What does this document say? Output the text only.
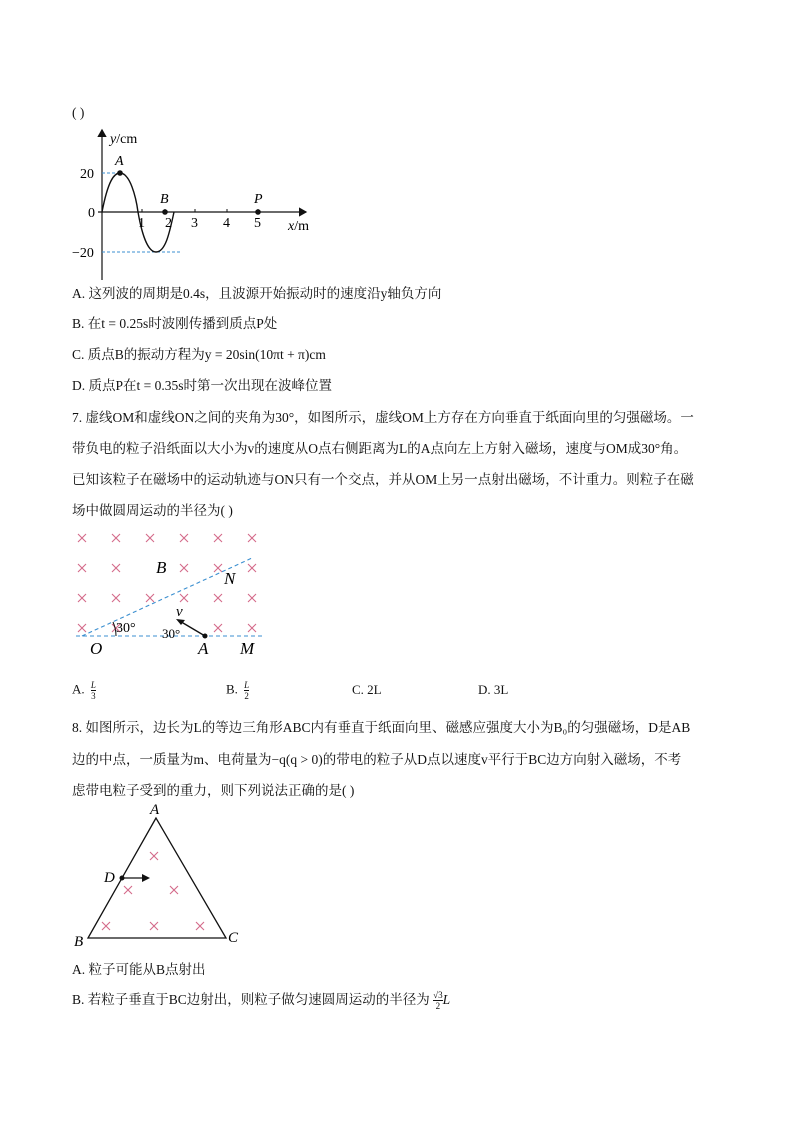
( )
y/cm
x/m
20
0
−20
1 2 3 4 5
A
B	P
A. 这列波的周期是0.4s，且波源开始振动时的速度沿y轴负方向
B. 在t = 0.25s时波刚传播到质点P处
C. 质点B的振动方程为y = 20sin(10πt + π)cm
D. 质点P在t = 0.35s时第一次出现在波峰位置
7. 虚线OM和虚线ON之间的夹角为30°，如图所示，虚线OM上方存在方向垂直于纸面向里的匀强磁场。一
带负电的粒子沿纸面以大小为v的速度从O点右侧距离为L的A点向左上方射入磁场，速度与OM成30°角。
已知该粒子在磁场中的运动轨迹与ON只有一个交点，并从OM上另一点射出磁场，不计重力。则粒子在磁
场中做圆周运动的半径为( )
B
N
O	A M
v
30° 30°
A. $\frac{L}{3}$	B. $\frac{L}{2}$	C. 2L	D. 3L
8. 如图所示，边长为L的等边三角形ABC内有垂直于纸面向里、磁感应强度大小为B₀的匀强磁场，D是AB
边的中点，一质量为m、电荷量为−q(q > 0)的带电的粒子从D点以速度v平行于BC边方向射入磁场，不考
虑带电粒子受到的重力，则下列说法正确的是( )
A
B	C
D
A. 粒子可能从B点射出
B. 若粒子垂直于BC边射出，则粒子做匀速圆周运动的半径为 $\frac{√3}{2}$ L
